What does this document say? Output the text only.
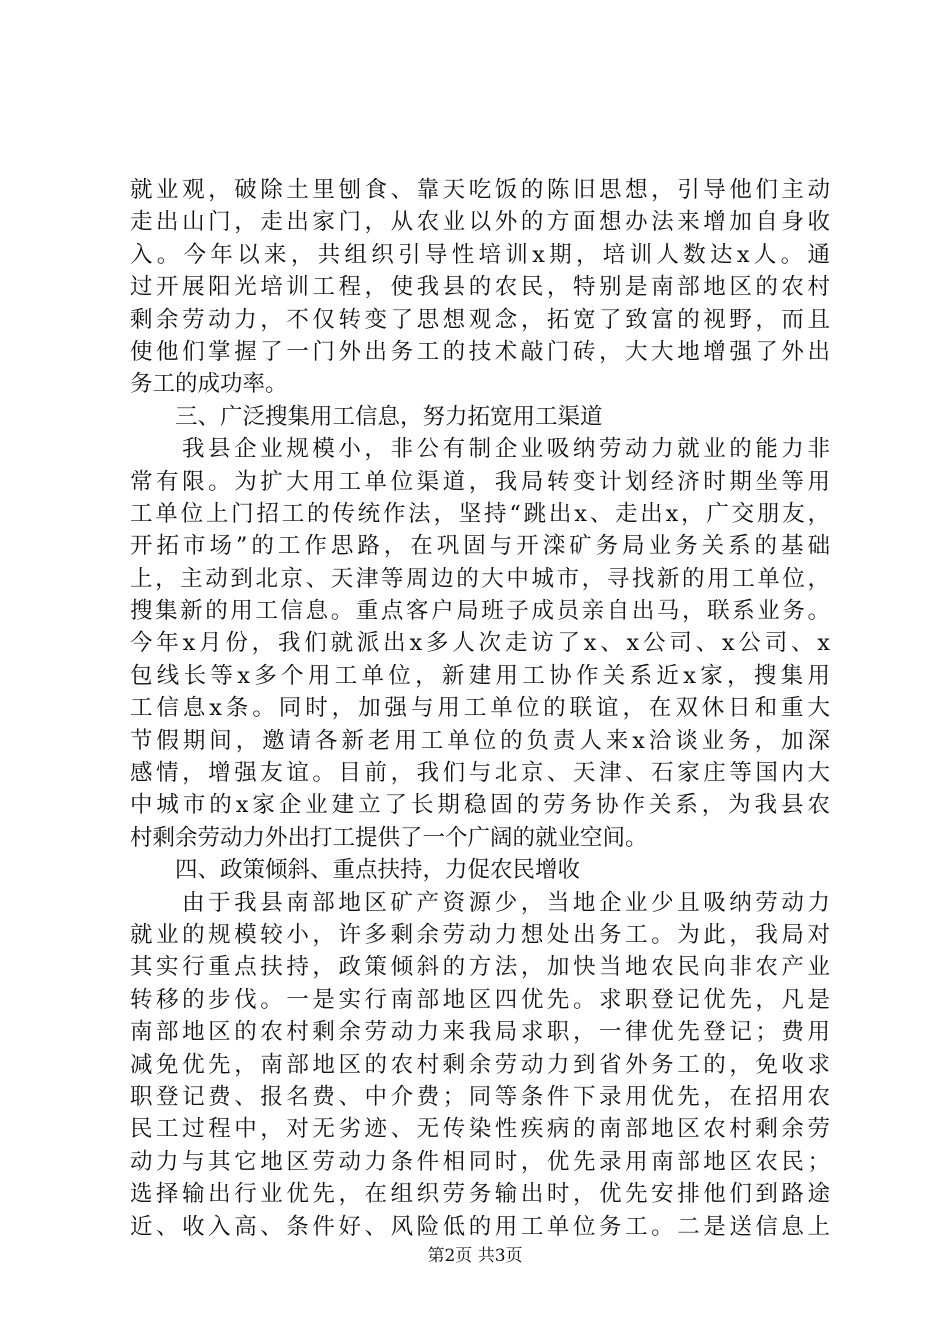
就业观，破除土里刨食、靠天吃饭的陈旧思想，引导他们主动
走出山门，走出家门，从农业以外的方面想办法来增加自身收
入。今年以来，共组织引导性培训x期，培训人数达x人。通
过开展阳光培训工程，使我县的农民，特别是南部地区的农村
剩余劳动力，不仅转变了思想观念，拓宽了致富的视野，而且
使他们掌握了一门外出务工的技术敲门砖，大大地增强了外出
务工的成功率。
三、广泛搜集用工信息，努力拓宽用工渠道
我县企业规模小，非公有制企业吸纳劳动力就业的能力非
常有限。为扩大用工单位渠道，我局转变计划经济时期坐等用
工单位上门招工的传统作法，坚持“跳出x、走出x，广交朋友，
开拓市场”的工作思路，在巩固与开滦矿务局业务关系的基础
上，主动到北京、天津等周边的大中城市，寻找新的用工单位，
搜集新的用工信息。重点客户局班子成员亲自出马，联系业务。
今年x月份，我们就派出x多人次走访了x、x公司、x公司、x
包线长等x多个用工单位，新建用工协作关系近x家，搜集用
工信息x条。同时，加强与用工单位的联谊，在双休日和重大
节假期间，邀请各新老用工单位的负责人来x洽谈业务，加深
感情，增强友谊。目前，我们与北京、天津、石家庄等国内大
中城市的x家企业建立了长期稳固的劳务协作关系，为我县农
村剩余劳动力外出打工提供了一个广阔的就业空间。
四、政策倾斜、重点扶持，力促农民增收
由于我县南部地区矿产资源少，当地企业少且吸纳劳动力
就业的规模较小，许多剩余劳动力想处出务工。为此，我局对
其实行重点扶持，政策倾斜的方法，加快当地农民向非农产业
转移的步伐。一是实行南部地区四优先。求职登记优先，凡是
南部地区的农村剩余劳动力来我局求职，一律优先登记；费用
减免优先，南部地区的农村剩余劳动力到省外务工的，免收求
职登记费、报名费、中介费；同等条件下录用优先，在招用农
民工过程中，对无劣迹、无传染性疾病的南部地区农村剩余劳
动力与其它地区劳动力条件相同时，优先录用南部地区农民；
选择输出行业优先，在组织劳务输出时，优先安排他们到路途
近、收入高、条件好、风险低的用工单位务工。二是送信息上
第2页 共3页
